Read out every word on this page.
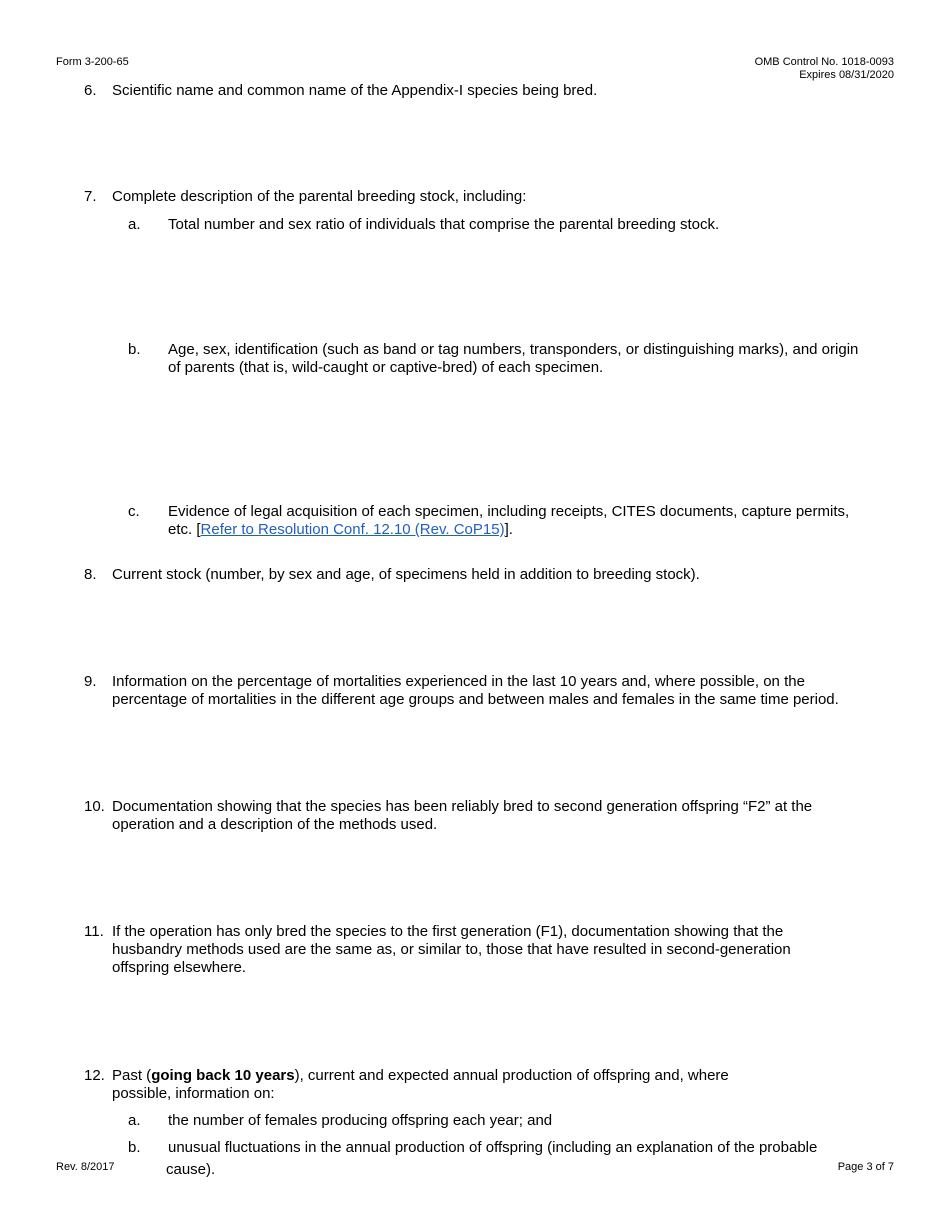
Form 3-200-65	OMB Control No. 1018-0093
Expires 08/31/2020
6.	Scientific name and common name of the Appendix-I species being bred.
7.	Complete description of the parental breeding stock, including:
a. Total number and sex ratio of individuals that comprise the parental breeding stock.
b. Age, sex, identification (such as band or tag numbers, transponders, or distinguishing marks), and origin
of parents (that is, wild-caught or captive-bred) of each specimen.
c. Evidence of legal acquisition of each specimen, including receipts, CITES documents, capture permits,
etc. [Refer to Resolution Conf. 12.10 (Rev. CoP15)].
8.	Current stock (number, by sex and age, of specimens held in addition to breeding stock).
9.	Information on the percentage of mortalities experienced in the last 10 years and, where possible, on the
percentage of mortalities in the different age groups and between males and females in the same time period.
10. Documentation showing that the species has been reliably bred to second generation offspring “F2” at the
operation and a description of the methods used.
11. If the operation has only bred the species to the first generation (F1), documentation showing that the
husbandry methods used are the same as, or similar to, those that have resulted in second-generation
offspring elsewhere.
12. Past (going back 10 years), current and expected annual production of offspring and, where
possible, information on:
a. the number of females producing offspring each year; and
b. unusual fluctuations in the annual production of offspring (including an explanation of the probable
cause).
Rev. 8/2017	Page 3 of 7
